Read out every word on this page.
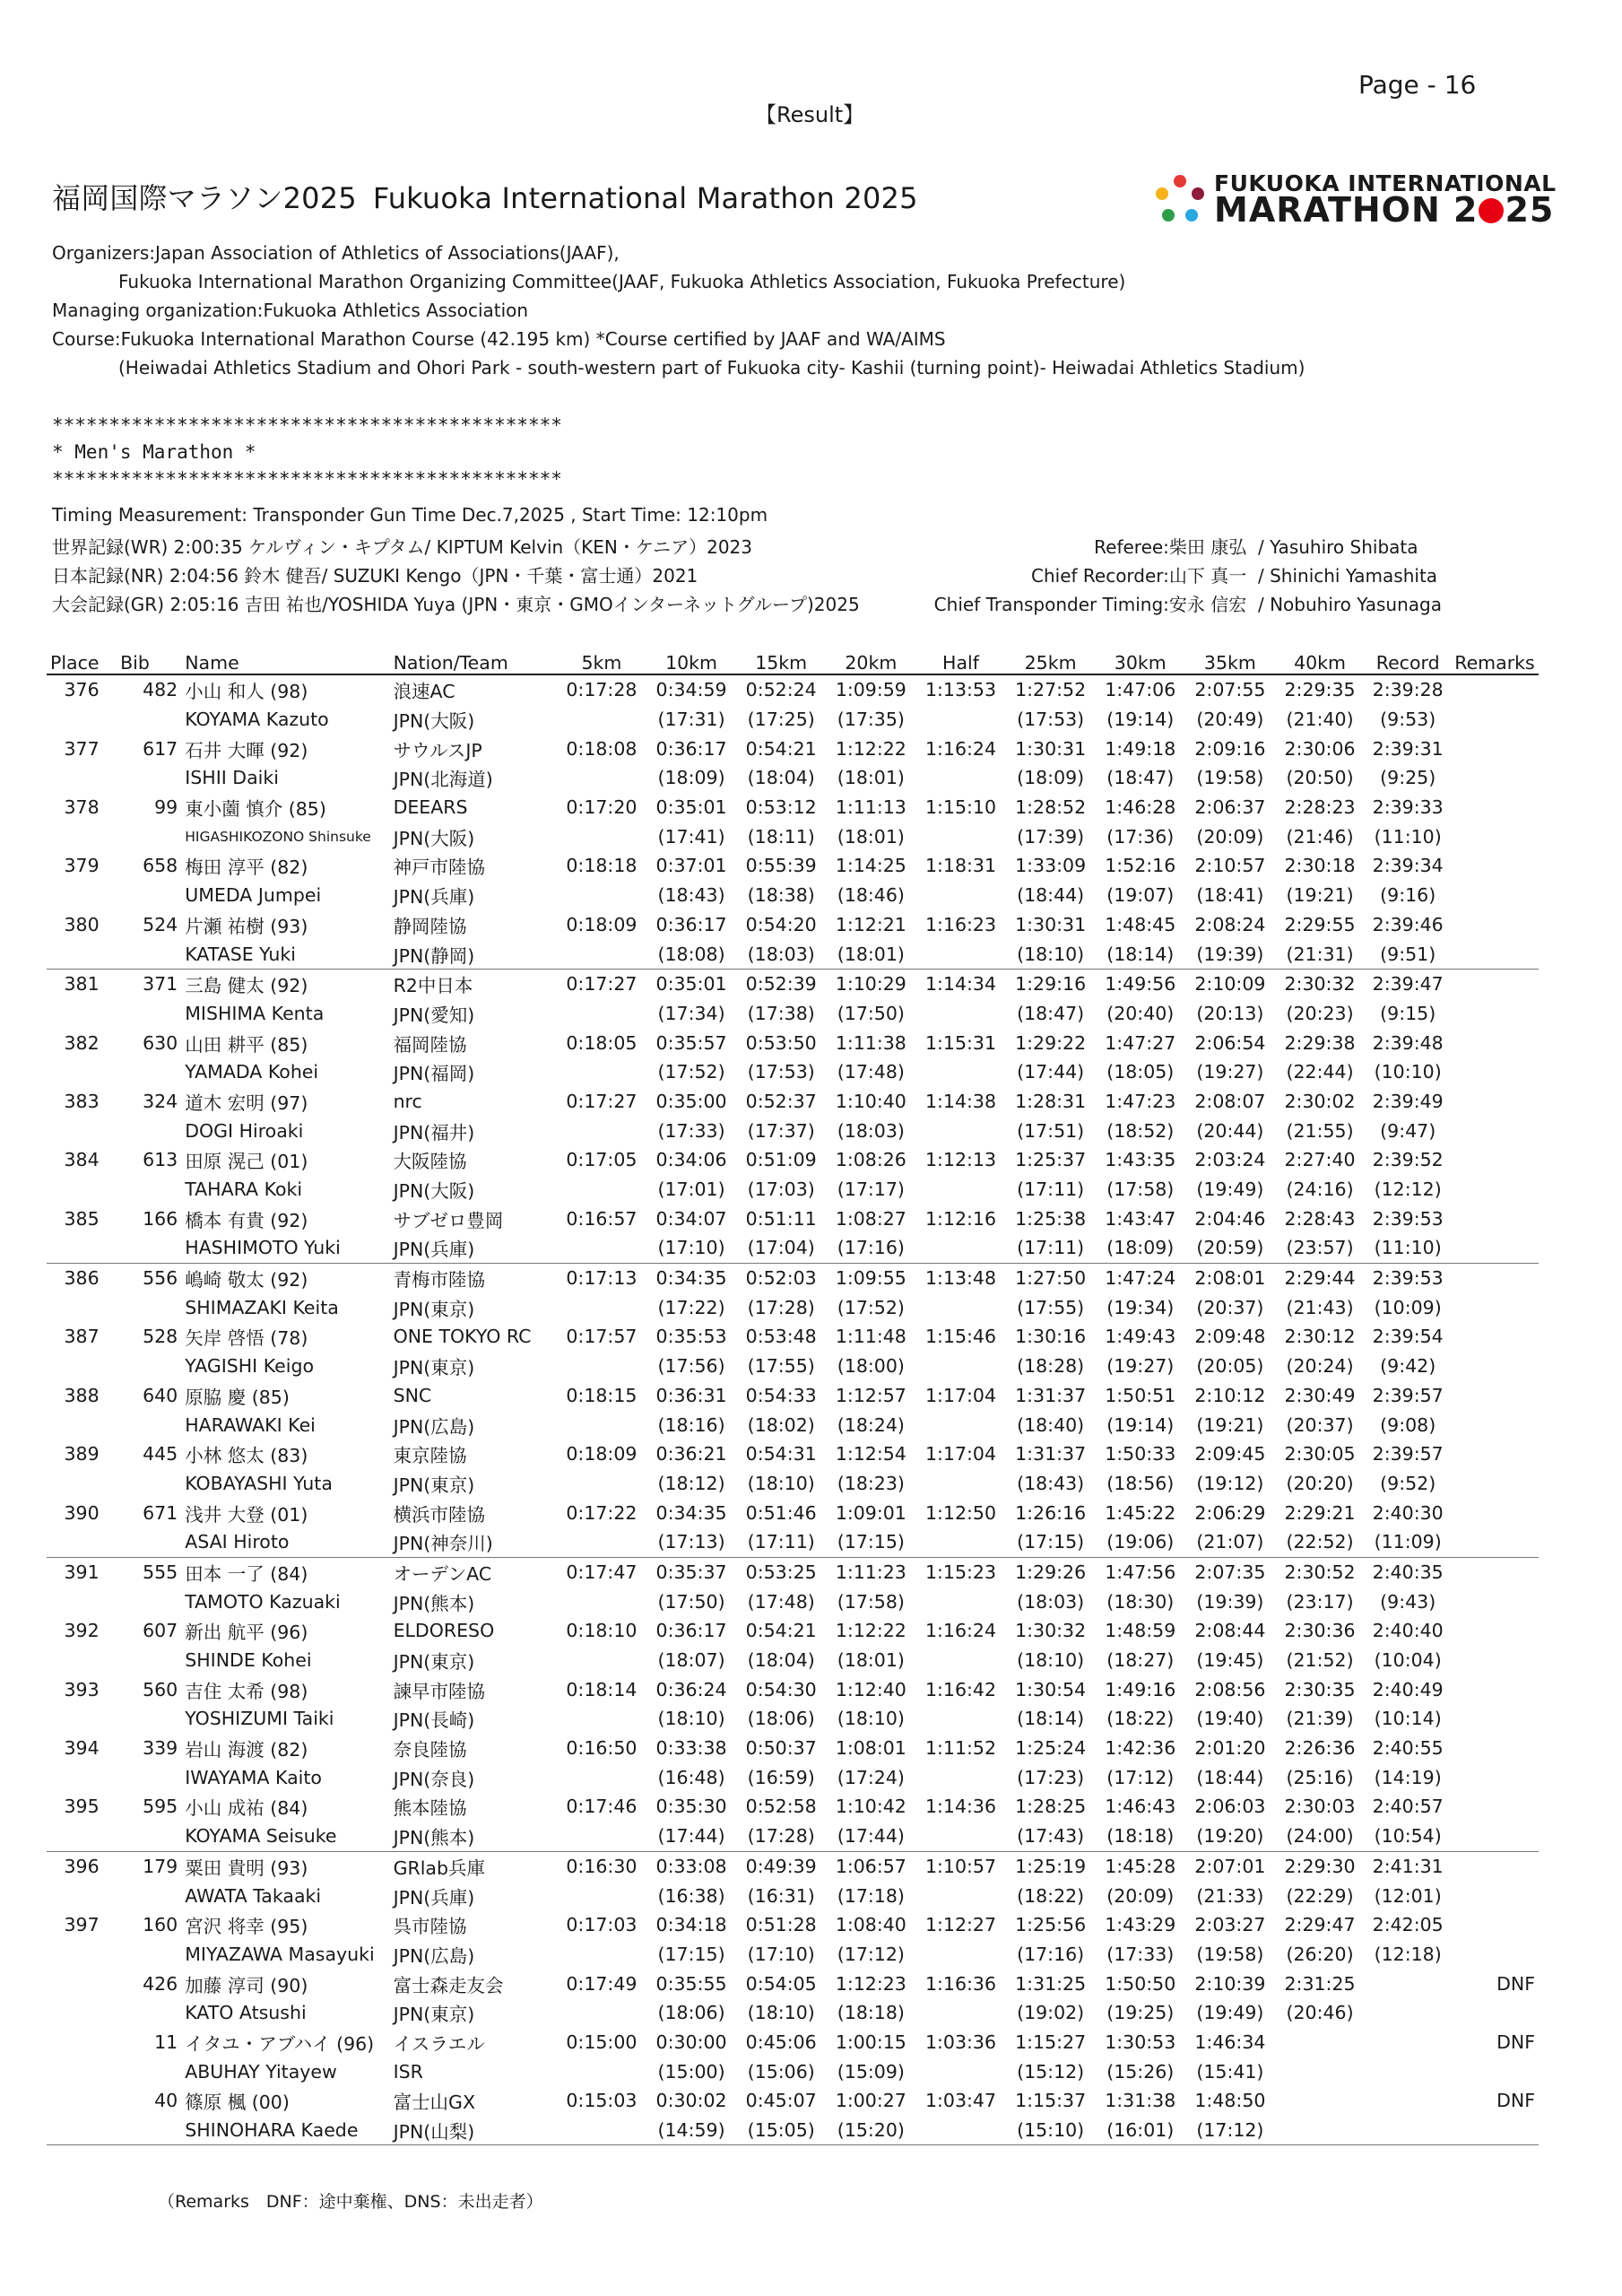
Page - 16
【Result】
福岡国際マラソン2025 Fukuoka International Marathon 2025	FUKUOKA INTERNATIONAL
MARATHON 2 25
Organizers:Japan Association of Athletics of Associations(JAAF),
Fukuoka International Marathon Organizing Committee(JAAF, Fukuoka Athletics Association, Fukuoka Prefecture)
Managing organization:Fukuoka Athletics Association
Course:Fukuoka International Marathon Course (42.195 km) *Course certified by JAAF and WA/AIMS
(Heiwadai Athletics Stadium and Ohori Park - south-western part of Fukuoka city- Kashii (turning point)- Heiwadai Athletics Stadium)
*********************************************
* Men's Marathon *
*********************************************
Timing Measurement: Transponder Gun Time Dec.7,2025 , Start Time: 12:10pm
世界記録(WR) 2:00:35 ケルヴィン・キプタム/ KIPTUM Kelvin（KEN・ケニア）2023
日本記録(NR) 2:04:56 鈴木 健吾/ SUZUKI Kengo（JPN・千葉・富士通）2021
大会記録(GR) 2:05:16 吉田 祐也/YOSHIDA Yuya (JPN・東京・GMOインターネットグループ)2025
Referee:柴田 康弘 / Yasuhiro Shibata
Chief Recorder:山下 真一 / Shinichi Yamashita
Chief Transponder Timing:安永 信宏 / Nobuhiro Yasunaga
Place	Bib	Name	Nation/Team	5km	10km	15km	20km	Half	25km	30km	35km	40km	Record	Remarks
376	482	小山 和人 (98)	浪速AC	0:17:28	0:34:59	0:52:24	1:09:59	1:13:53	1:27:52	1:47:06	2:07:55	2:29:35	2:39:28	
		KOYAMA Kazuto	JPN(大阪)		(17:31)	(17:25)	(17:35)		(17:53)	(19:14)	(20:49)	(21:40)	(9:53)	
377	617	石井 大暉 (92)	サウルスJP	0:18:08	0:36:17	0:54:21	1:12:22	1:16:24	1:30:31	1:49:18	2:09:16	2:30:06	2:39:31	
		ISHII Daiki	JPN(北海道)		(18:09)	(18:04)	(18:01)		(18:09)	(18:47)	(19:58)	(20:50)	(9:25)	
378	99	東小薗 慎介 (85)	DEEARS	0:17:20	0:35:01	0:53:12	1:11:13	1:15:10	1:28:52	1:46:28	2:06:37	2:28:23	2:39:33	
		HIGASHIKOZONO Shinsuke	JPN(大阪)		(17:41)	(18:11)	(18:01)		(17:39)	(17:36)	(20:09)	(21:46)	(11:10)	
379	658	梅田 淳平 (82)	神戸市陸協	0:18:18	0:37:01	0:55:39	1:14:25	1:18:31	1:33:09	1:52:16	2:10:57	2:30:18	2:39:34	
		UMEDA Jumpei	JPN(兵庫)		(18:43)	(18:38)	(18:46)		(18:44)	(19:07)	(18:41)	(19:21)	(9:16)	
380	524	片瀬 祐樹 (93)	静岡陸協	0:18:09	0:36:17	0:54:20	1:12:21	1:16:23	1:30:31	1:48:45	2:08:24	2:29:55	2:39:46	
		KATASE Yuki	JPN(静岡)		(18:08)	(18:03)	(18:01)		(18:10)	(18:14)	(19:39)	(21:31)	(9:51)	
381	371	三島 健太 (92)	R2中日本	0:17:27	0:35:01	0:52:39	1:10:29	1:14:34	1:29:16	1:49:56	2:10:09	2:30:32	2:39:47	
		MISHIMA Kenta	JPN(愛知)		(17:34)	(17:38)	(17:50)		(18:47)	(20:40)	(20:13)	(20:23)	(9:15)	
382	630	山田 耕平 (85)	福岡陸協	0:18:05	0:35:57	0:53:50	1:11:38	1:15:31	1:29:22	1:47:27	2:06:54	2:29:38	2:39:48	
		YAMADA Kohei	JPN(福岡)		(17:52)	(17:53)	(17:48)		(17:44)	(18:05)	(19:27)	(22:44)	(10:10)	
383	324	道木 宏明 (97)	nrc	0:17:27	0:35:00	0:52:37	1:10:40	1:14:38	1:28:31	1:47:23	2:08:07	2:30:02	2:39:49	
		DOGI Hiroaki	JPN(福井)		(17:33)	(17:37)	(18:03)		(17:51)	(18:52)	(20:44)	(21:55)	(9:47)	
384	613	田原 滉己 (01)	大阪陸協	0:17:05	0:34:06	0:51:09	1:08:26	1:12:13	1:25:37	1:43:35	2:03:24	2:27:40	2:39:52	
		TAHARA Koki	JPN(大阪)		(17:01)	(17:03)	(17:17)		(17:11)	(17:58)	(19:49)	(24:16)	(12:12)	
385	166	橋本 有貴 (92)	サブゼロ豊岡	0:16:57	0:34:07	0:51:11	1:08:27	1:12:16	1:25:38	1:43:47	2:04:46	2:28:43	2:39:53	
		HASHIMOTO Yuki	JPN(兵庫)		(17:10)	(17:04)	(17:16)		(17:11)	(18:09)	(20:59)	(23:57)	(11:10)	
386	556	嶋崎 敬太 (92)	青梅市陸協	0:17:13	0:34:35	0:52:03	1:09:55	1:13:48	1:27:50	1:47:24	2:08:01	2:29:44	2:39:53	
		SHIMAZAKI Keita	JPN(東京)		(17:22)	(17:28)	(17:52)		(17:55)	(19:34)	(20:37)	(21:43)	(10:09)	
387	528	矢岸 啓悟 (78)	ONE TOKYO RC	0:17:57	0:35:53	0:53:48	1:11:48	1:15:46	1:30:16	1:49:43	2:09:48	2:30:12	2:39:54	
		YAGISHI Keigo	JPN(東京)		(17:56)	(17:55)	(18:00)		(18:28)	(19:27)	(20:05)	(20:24)	(9:42)	
388	640	原脇 慶 (85)	SNC	0:18:15	0:36:31	0:54:33	1:12:57	1:17:04	1:31:37	1:50:51	2:10:12	2:30:49	2:39:57	
		HARAWAKI Kei	JPN(広島)		(18:16)	(18:02)	(18:24)		(18:40)	(19:14)	(19:21)	(20:37)	(9:08)	
389	445	小林 悠太 (83)	東京陸協	0:18:09	0:36:21	0:54:31	1:12:54	1:17:04	1:31:37	1:50:33	2:09:45	2:30:05	2:39:57	
		KOBAYASHI Yuta	JPN(東京)		(18:12)	(18:10)	(18:23)		(18:43)	(18:56)	(19:12)	(20:20)	(9:52)	
390	671	浅井 大登 (01)	横浜市陸協	0:17:22	0:34:35	0:51:46	1:09:01	1:12:50	1:26:16	1:45:22	2:06:29	2:29:21	2:40:30	
		ASAI Hiroto	JPN(神奈川)		(17:13)	(17:11)	(17:15)		(17:15)	(19:06)	(21:07)	(22:52)	(11:09)	
391	555	田本 一了 (84)	オーデンAC	0:17:47	0:35:37	0:53:25	1:11:23	1:15:23	1:29:26	1:47:56	2:07:35	2:30:52	2:40:35	
		TAMOTO Kazuaki	JPN(熊本)		(17:50)	(17:48)	(17:58)		(18:03)	(18:30)	(19:39)	(23:17)	(9:43)	
392	607	新出 航平 (96)	ELDORESO	0:18:10	0:36:17	0:54:21	1:12:22	1:16:24	1:30:32	1:48:59	2:08:44	2:30:36	2:40:40	
		SHINDE Kohei	JPN(東京)		(18:07)	(18:04)	(18:01)		(18:10)	(18:27)	(19:45)	(21:52)	(10:04)	
393	560	吉住 太希 (98)	諫早市陸協	0:18:14	0:36:24	0:54:30	1:12:40	1:16:42	1:30:54	1:49:16	2:08:56	2:30:35	2:40:49	
		YOSHIZUMI Taiki	JPN(長崎)		(18:10)	(18:06)	(18:10)		(18:14)	(18:22)	(19:40)	(21:39)	(10:14)	
394	339	岩山 海渡 (82)	奈良陸協	0:16:50	0:33:38	0:50:37	1:08:01	1:11:52	1:25:24	1:42:36	2:01:20	2:26:36	2:40:55	
		IWAYAMA Kaito	JPN(奈良)		(16:48)	(16:59)	(17:24)		(17:23)	(17:12)	(18:44)	(25:16)	(14:19)	
395	595	小山 成祐 (84)	熊本陸協	0:17:46	0:35:30	0:52:58	1:10:42	1:14:36	1:28:25	1:46:43	2:06:03	2:30:03	2:40:57	
		KOYAMA Seisuke	JPN(熊本)		(17:44)	(17:28)	(17:44)		(17:43)	(18:18)	(19:20)	(24:00)	(10:54)	
396	179	粟田 貴明 (93)	GRlab兵庫	0:16:30	0:33:08	0:49:39	1:06:57	1:10:57	1:25:19	1:45:28	2:07:01	2:29:30	2:41:31	
		AWATA Takaaki	JPN(兵庫)		(16:38)	(16:31)	(17:18)		(18:22)	(20:09)	(21:33)	(22:29)	(12:01)	
397	160	宮沢 将幸 (95)	呉市陸協	0:17:03	0:34:18	0:51:28	1:08:40	1:12:27	1:25:56	1:43:29	2:03:27	2:29:47	2:42:05	
		MIYAZAWA Masayuki	JPN(広島)		(17:15)	(17:10)	(17:12)		(17:16)	(17:33)	(19:58)	(26:20)	(12:18)	
	426	加藤 淳司 (90)	富士森走友会	0:17:49	0:35:55	0:54:05	1:12:23	1:16:36	1:31:25	1:50:50	2:10:39	2:31:25		DNF
		KATO Atsushi	JPN(東京)		(18:06)	(18:10)	(18:18)		(19:02)	(19:25)	(19:49)	(20:46)		
	11	イタユ・アブハイ (96)	イスラエル	0:15:00	0:30:00	0:45:06	1:00:15	1:03:36	1:15:27	1:30:53	1:46:34			DNF
		ABUHAY Yitayew	ISR		(15:00)	(15:06)	(15:09)		(15:12)	(15:26)	(15:41)			
	40	篠原 楓 (00)	富士山GX	0:15:03	0:30:02	0:45:07	1:00:27	1:03:47	1:15:37	1:31:38	1:48:50			DNF
		SHINOHARA Kaede	JPN(山梨)		(14:59)	(15:05)	(15:20)		(15:10)	(16:01)	(17:12)			
（Remarks　DNF：途中棄権、DNS：未出走者）
